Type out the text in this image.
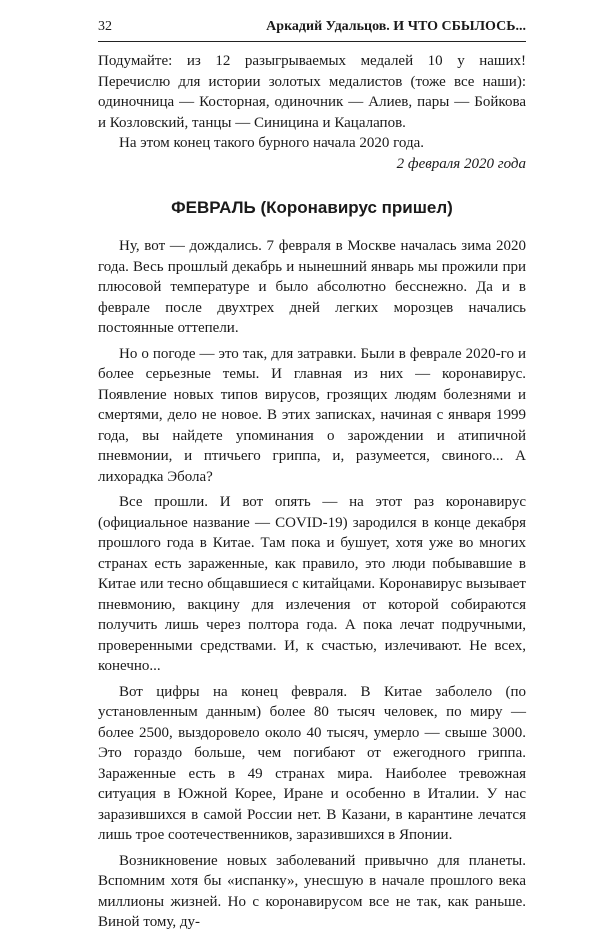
32	Аркадий Удальцов. И ЧТО СБЫЛОСЬ...

Подумайте: из 12 разыгрываемых медалей 10 у наших! Перечислю для истории золотых медалистов (тоже все наши): одиночница — Косторная, одиночник — Алиев, пары — Бойкова и Козловский, танцы — Синицина и Кацалапов.

На этом конец такого бурного начала 2020 года.

2 февраля 2020 года

ФЕВРАЛЬ (Коронавирус пришел)

Ну, вот — дождались. 7 февраля в Москве началась зима 2020 года. Весь прошлый декабрь и нынешний январь мы прожили при плюсовой температуре и было абсолютно бесснежно. Да и в феврале после двухтрех дней легких морозцев начались постоянные оттепели.

Но о погоде — это так, для затравки. Были в феврале 2020-го и более серьезные темы. И главная из них — коронавирус. Появление новых типов вирусов, грозящих людям болезнями и смертями, дело не новое. В этих записках, начиная с января 1999 года, вы найдете упоминания о зарождении и атипичной пневмонии, и птичьего гриппа, и, разумеется, свиного... А лихорадка Эбола?

Все прошли. И вот опять — на этот раз коронавирус (официальное название — COVID-19) зародился в конце декабря прошлого года в Китае. Там пока и бушует, хотя уже во многих странах есть зараженные, как правило, это люди побывавшие в Китае или тесно общавшиеся с китайцами. Коронавирус вызывает пневмонию, вакцину для излечения от которой собираются получить лишь через полтора года. А пока лечат подручными, проверенными средствами. И, к счастью, излечивают. Не всех, конечно...

Вот цифры на конец февраля. В Китае заболело (по установленным данным) более 80 тысяч человек, по миру — более 2500, выздоровело около 40 тысяч, умерло — свыше 3000. Это гораздо больше, чем погибают от ежегодного гриппа. Зараженные есть в 49 странах мира. Наиболее тревожная ситуация в Южной Корее, Иране и особенно в Италии. У нас заразившихся в самой России нет. В Казани, в карантине лечатся лишь трое соотечественников, заразившихся в Японии.

Возникновение новых заболеваний привычно для планеты. Вспомним хотя бы «испанку», унесшую в начале прошлого века миллионы жизней. Но с коронавирусом все не так, как раньше. Виной тому, ду-
